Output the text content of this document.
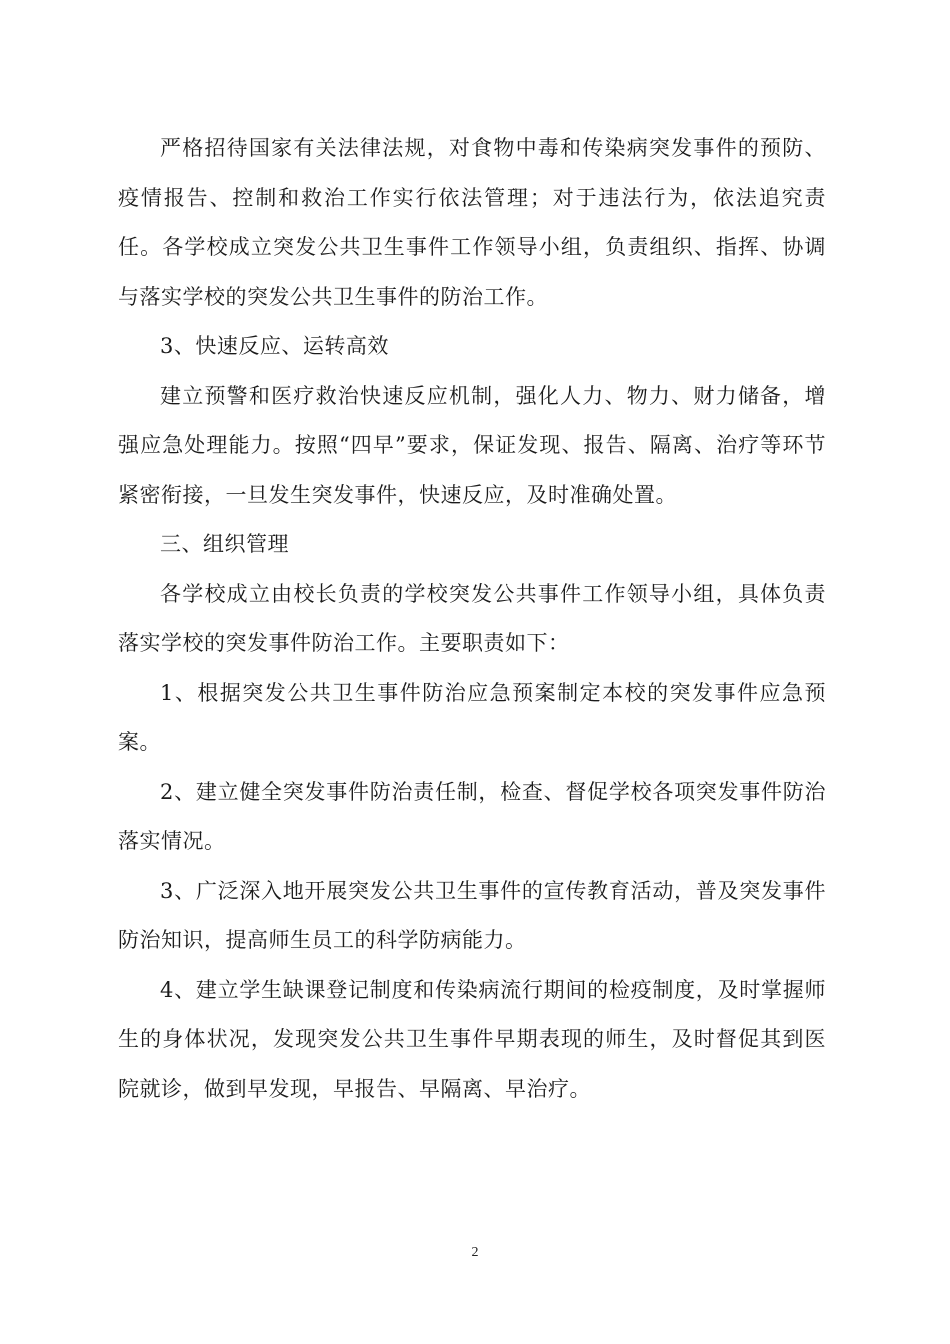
严格招待国家有关法律法规，对食物中毒和传染病突发事件的预防、疫情报告、控制和救治工作实行依法管理；对于违法行为，依法追究责任。各学校成立突发公共卫生事件工作领导小组，负责组织、指挥、协调与落实学校的突发公共卫生事件的防治工作。

3、快速反应、运转高效

建立预警和医疗救治快速反应机制，强化人力、物力、财力储备，增强应急处理能力。按照“四早”要求，保证发现、报告、隔离、治疗等环节紧密衔接，一旦发生突发事件，快速反应，及时准确处置。

三、组织管理

各学校成立由校长负责的学校突发公共事件工作领导小组，具体负责落实学校的突发事件防治工作。主要职责如下：

1、根据突发公共卫生事件防治应急预案制定本校的突发事件应急预案。

2、建立健全突发事件防治责任制，检查、督促学校各项突发事件防治落实情况。

3、广泛深入地开展突发公共卫生事件的宣传教育活动，普及突发事件防治知识，提高师生员工的科学防病能力。

4、建立学生缺课登记制度和传染病流行期间的检疫制度，及时掌握师生的身体状况，发现突发公共卫生事件早期表现的师生，及时督促其到医院就诊，做到早发现，早报告、早隔离、早治疗。

2
